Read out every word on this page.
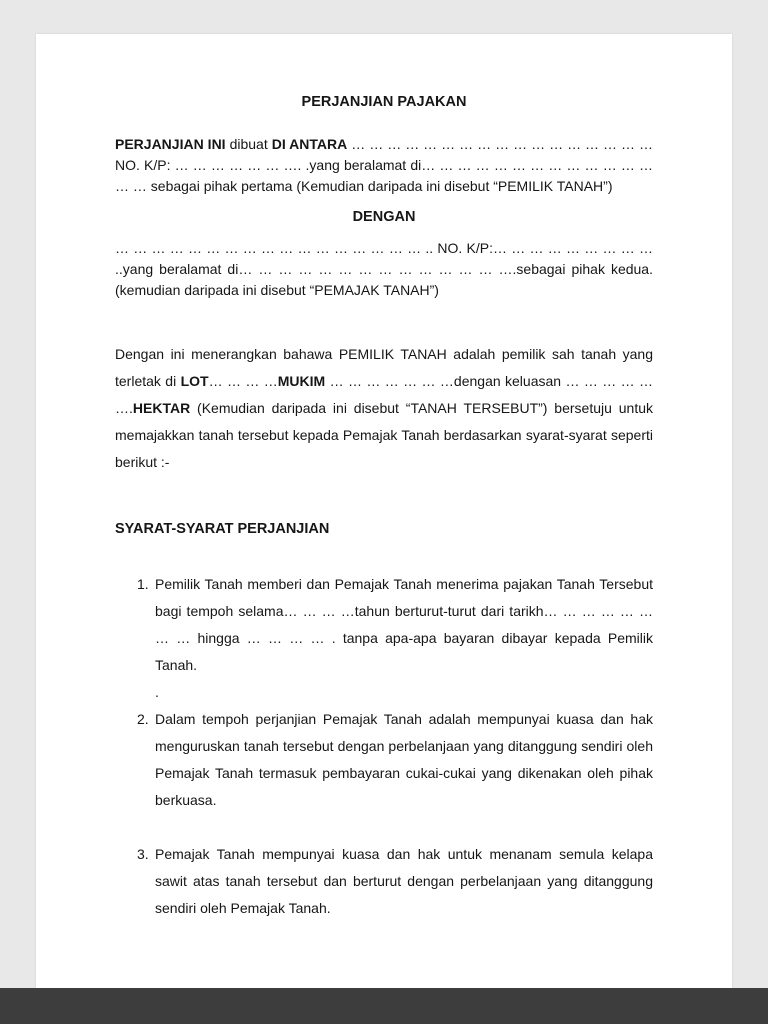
PERJANJIAN PAJAKAN

PERJANJIAN INI dibuat DI ANTARA … … … … … … … … … … … … … … … … … NO. K/P: … … … … … … …. .yang beralamat di… … … … … … … … … … … … … … … sebagai pihak pertama (Kemudian daripada ini disebut “PEMILIK TANAH”)

DENGAN

… … … … … … … … … … … … … … … … … .. NO. K/P:… … … … … … … … … ..yang beralamat di… … … … … … … … … … … … … ….sebagai pihak kedua. (kemudian daripada ini disebut “PEMAJAK TANAH”)

Dengan ini menerangkan bahawa PEMILIK TANAH adalah pemilik sah tanah yang terletak di LOT… … … …MUKIM … … … … … … …dengan keluasan … … … … … ….HEKTAR (Kemudian daripada ini disebut “TANAH TERSEBUT”) bersetuju untuk memajakkan tanah tersebut kepada Pemajak Tanah berdasarkan syarat-syarat seperti berikut :-

SYARAT-SYARAT PERJANJIAN

1. Pemilik Tanah memberi dan Pemajak Tanah menerima pajakan Tanah Tersebut bagi tempoh selama… … … …tahun berturut-turut dari tarikh… … … … … … … … hingga … … … … . tanpa apa-apa bayaran dibayar kepada Pemilik Tanah.
.
2. Dalam tempoh perjanjian Pemajak Tanah adalah mempunyai kuasa dan hak menguruskan tanah tersebut dengan perbelanjaan yang ditanggung sendiri oleh Pemajak Tanah termasuk pembayaran cukai-cukai yang dikenakan oleh pihak berkuasa.
3. Pemajak Tanah mempunyai kuasa dan hak untuk menanam semula kelapa sawit atas tanah tersebut dan berturut dengan perbelanjaan yang ditanggung sendiri oleh Pemajak Tanah.
